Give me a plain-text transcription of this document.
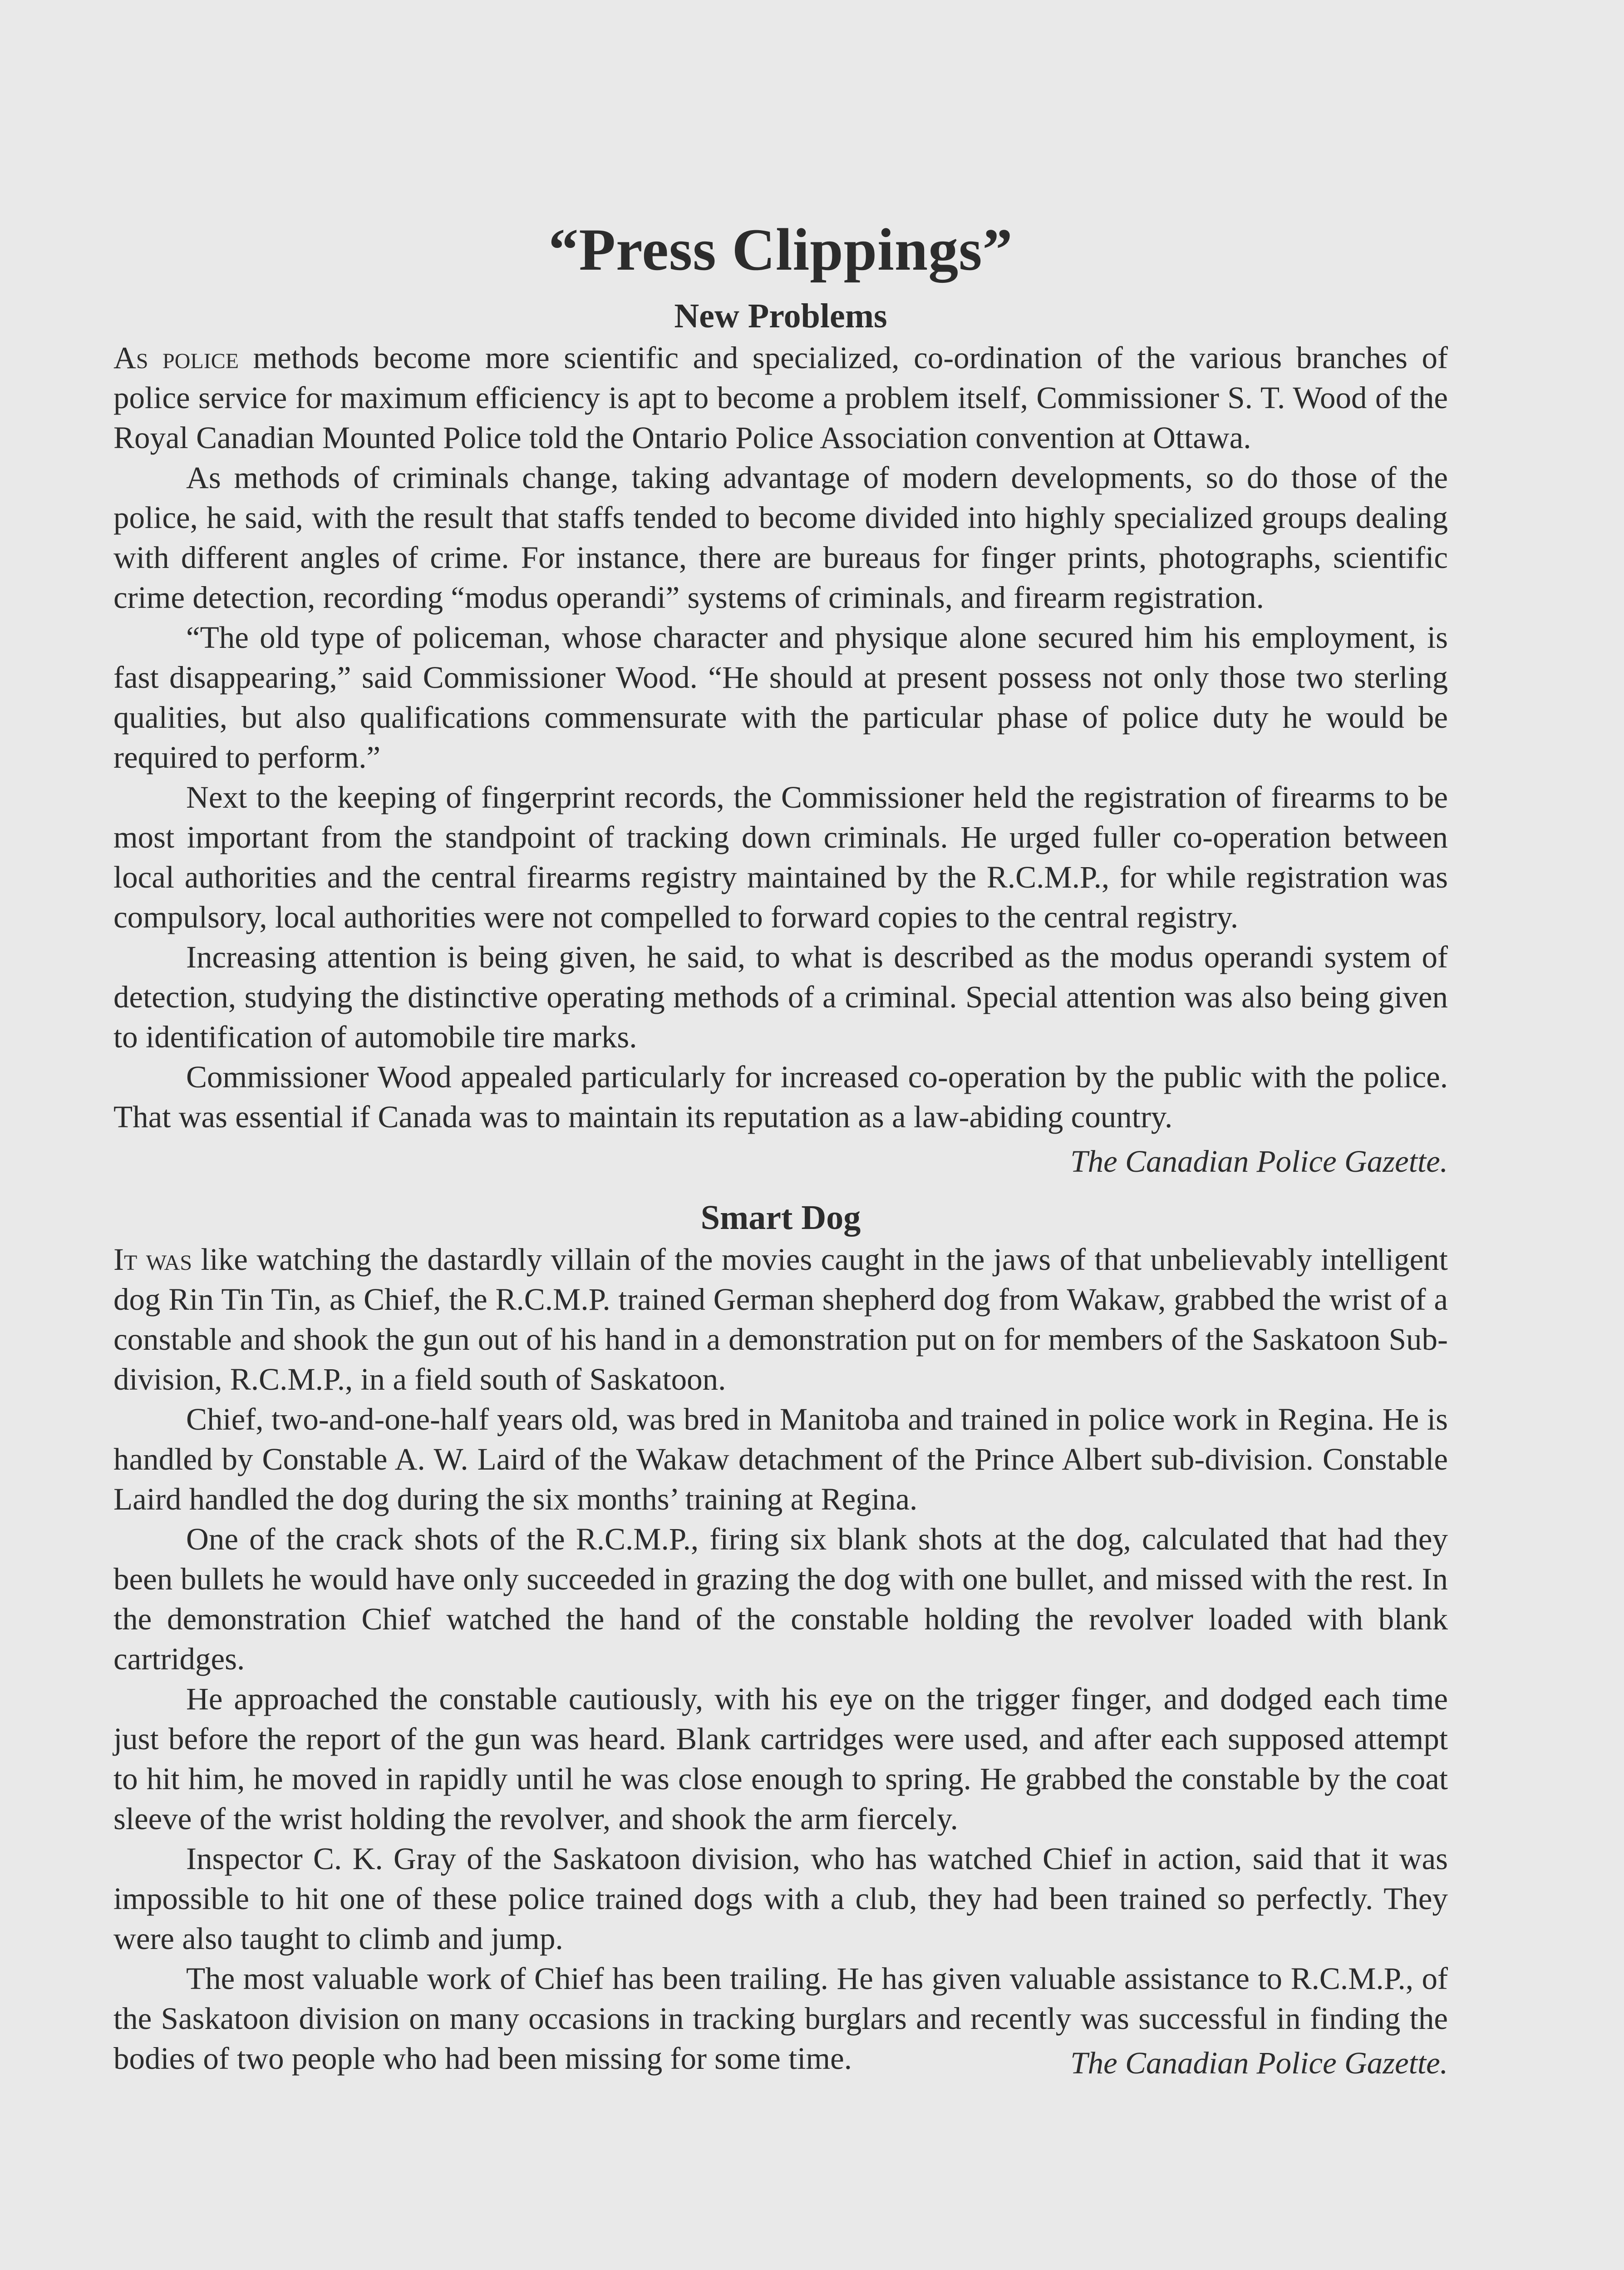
“Press Clippings”
New Problems

As police methods become more scientific and specialized, co-ordination of the various branches of police service for maximum efficiency is apt to become a problem itself, Commissioner S. T. Wood of the Royal Canadian Mounted Police told the Ontario Police Association convention at Ottawa.

As methods of criminals change, taking advantage of modern developments, so do those of the police, he said, with the result that staffs tended to become divided into highly specialized groups dealing with different angles of crime. For instance, there are bureaus for finger prints, photographs, scientific crime detection, recording “modus operandi” systems of criminals, and firearm registration.

“The old type of policeman, whose character and physique alone secured him his employment, is fast disappearing,” said Commissioner Wood. “He should at present possess not only those two sterling qualities, but also qualifications commensurate with the particular phase of police duty he would be required to perform.”

Next to the keeping of fingerprint records, the Commissioner held the registration of firearms to be most important from the standpoint of tracking down criminals. He urged fuller co-operation between local authorities and the central firearms registry maintained by the R.C.M.P., for while registration was compulsory, local authorities were not compelled to forward copies to the central registry.

Increasing attention is being given, he said, to what is described as the modus operandi system of detection, studying the distinctive operating methods of a criminal. Special attention was also being given to identification of automobile tire marks.

Commissioner Wood appealed particularly for increased co-operation by the public with the police. That was essential if Canada was to maintain its reputation as a law-abiding country.
The Canadian Police Gazette.
Smart Dog

It was like watching the dastardly villain of the movies caught in the jaws of that unbelievably intelligent dog Rin Tin Tin, as Chief, the R.C.M.P. trained German shepherd dog from Wakaw, grabbed the wrist of a constable and shook the gun out of his hand in a demonstration put on for members of the Saskatoon Sub-division, R.C.M.P., in a field south of Saskatoon.

Chief, two-and-one-half years old, was bred in Manitoba and trained in police work in Regina. He is handled by Constable A. W. Laird of the Wakaw detachment of the Prince Albert sub-division. Constable Laird handled the dog during the six months’ training at Regina.

One of the crack shots of the R.C.M.P., firing six blank shots at the dog, calculated that had they been bullets he would have only succeeded in grazing the dog with one bullet, and missed with the rest. In the demonstration Chief watched the hand of the constable holding the revolver loaded with blank cartridges.

He approached the constable cautiously, with his eye on the trigger finger, and dodged each time just before the report of the gun was heard. Blank cartridges were used, and after each supposed attempt to hit him, he moved in rapidly until he was close enough to spring. He grabbed the constable by the coat sleeve of the wrist holding the revolver, and shook the arm fiercely.

Inspector C. K. Gray of the Saskatoon division, who has watched Chief in action, said that it was impossible to hit one of these police trained dogs with a club, they had been trained so perfectly. They were also taught to climb and jump.

The most valuable work of Chief has been trailing. He has given valuable assistance to R.C.M.P., of the Saskatoon division on many occasions in tracking burglars and recently was successful in finding the bodies of two people who had been missing for some time.	The Canadian Police Gazette.
